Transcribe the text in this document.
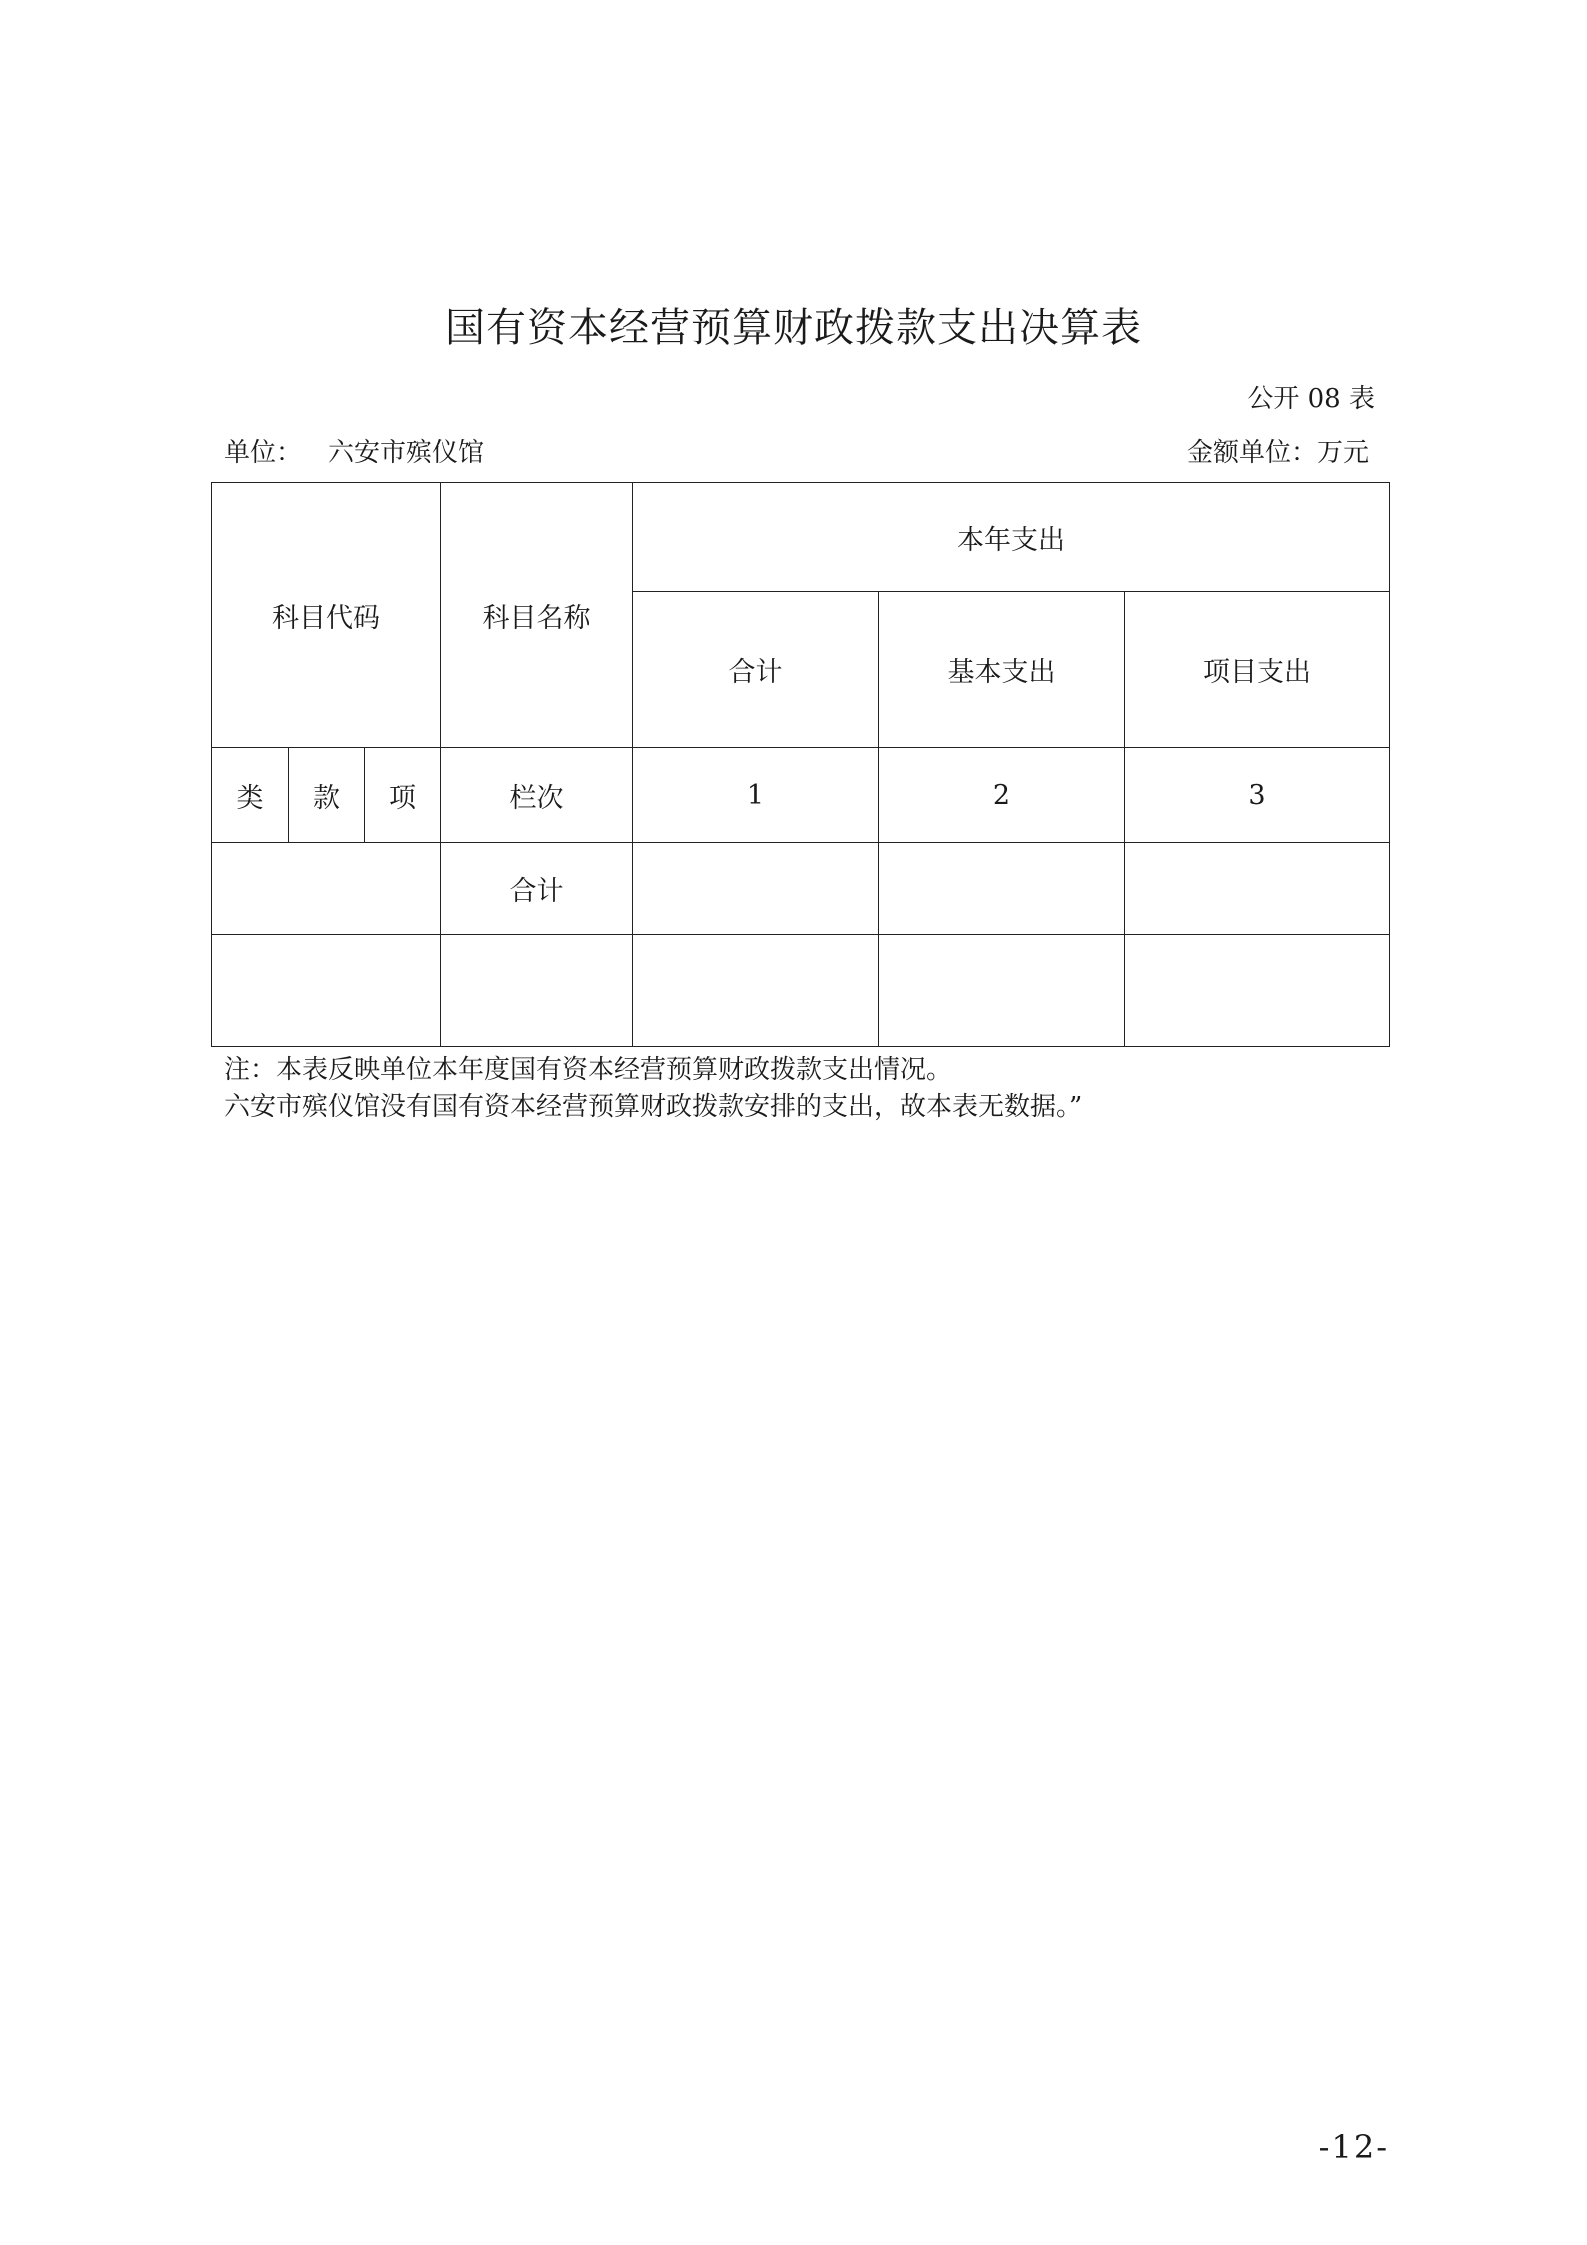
国有资本经营预算财政拨款支出决算表
公开 08 表
单位： 六安市殡仪馆	金额单位：万元
科目代码			科目名称	本年支出		
				合计	基本支出	项目支出
类	款	项	栏次	1	2	3
			合计			

注：本表反映单位本年度国有资本经营预算财政拨款支出情况。
六安市殡仪馆没有国有资本经营预算财政拨款安排的支出，故本表无数据。”
-12-
